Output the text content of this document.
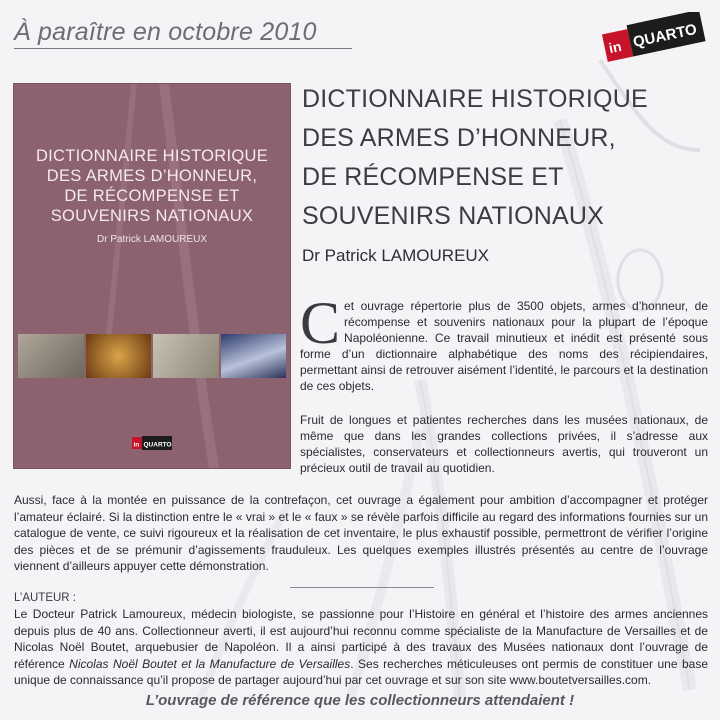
À paraître en octobre 2010
in QUARTO
DICTIONNAIRE HISTORIQUE
DES ARMES D’HONNEUR,
DE RÉCOMPENSE ET
SOUVENIRS NATIONAUX
Dr Patrick LAMOUREUX
in QUARTO
DICTIONNAIRE HISTORIQUE
DES ARMES D’HONNEUR,
DE RÉCOMPENSE ET
SOUVENIRS NATIONAUX
Dr Patrick LAMOUREUX
C et ouvrage répertorie plus de 3500 objets, armes d’honneur, de récompense et souvenirs nationaux pour la plupart de l’époque Napoléonienne. Ce travail minutieux et inédit est présenté sous forme d’un dictionnaire alphabétique des noms des récipiendaires, permettant ainsi de retrouver aisément l’identité, le parcours et la destination de ces objets.
Fruit de longues et patientes recherches dans les musées nationaux, de même que dans les grandes collections privées, il s’adresse aux spécialistes, conservateurs et collectionneurs avertis, qui trouveront un précieux outil de travail au quotidien.
Aussi, face à la montée en puissance de la contrefaçon, cet ouvrage a également pour ambition d’accompagner et protéger l’amateur éclairé. Si la distinction entre le « vrai » et le « faux » se révèle parfois difficile au regard des informations fournies sur un catalogue de vente, ce suivi rigoureux et la réalisation de cet inventaire, le plus exhaustif possible, permettront de vérifier l’origine des pièces et de se prémunir d’agissements frauduleux. Les quelques exemples illustrés présentés au centre de l’ouvrage viennent d’ailleurs appuyer cette démonstration.
L’AUTEUR :
Le Docteur Patrick Lamoureux, médecin biologiste, se passionne pour l’Histoire en général et l’histoire des armes anciennes depuis plus de 40 ans. Collectionneur averti, il est aujourd’hui reconnu comme spécialiste de la Manufacture de Versailles et de Nicolas Noël Boutet, arquebusier de Napoléon. Il a ainsi participé à des travaux des Musées nationaux dont l’ouvrage de référence Nicolas Noël Boutet et la Manufacture de Versailles. Ses recherches méticuleuses ont permis de constituer une base unique de connaissance qu’il propose de partager aujourd’hui par cet ouvrage et sur son site www.boutetversailles.com.
L’ouvrage de référence que les collectionneurs attendaient !
